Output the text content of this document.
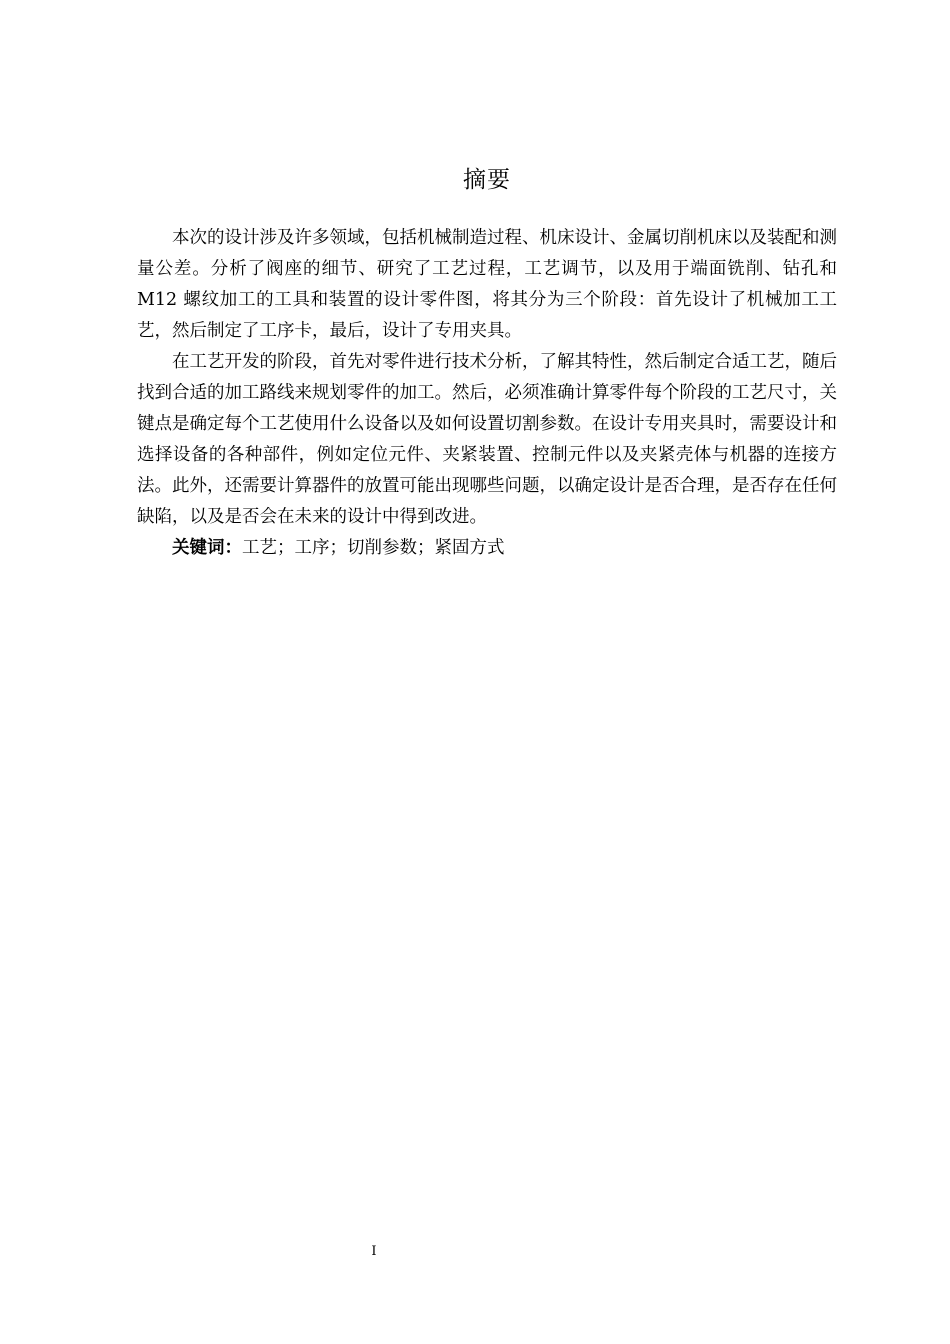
摘要

本次的设计涉及许多领域，包括机械制造过程、机床设计、金属切削机床以及装配和测量公差。分析了阀座的细节、研究了工艺过程，工艺调节，以及用于端面铣削、钻孔和 M12 螺纹加工的工具和装置的设计零件图，将其分为三个阶段：首先设计了机械加工工艺，然后制定了工序卡，最后，设计了专用夹具。

在工艺开发的阶段，首先对零件进行技术分析，了解其特性，然后制定合适工艺，随后找到合适的加工路线来规划零件的加工。然后，必须准确计算零件每个阶段的工艺尺寸，关键点是确定每个工艺使用什么设备以及如何设置切割参数。在设计专用夹具时，需要设计和选择设备的各种部件，例如定位元件、夹紧装置、控制元件以及夹紧壳体与机器的连接方法。此外，还需要计算器件的放置可能出现哪些问题，以确定设计是否合理，是否存在任何缺陷，以及是否会在未来的设计中得到改进。

关键词：工艺；工序；切削参数；紧固方式

I
